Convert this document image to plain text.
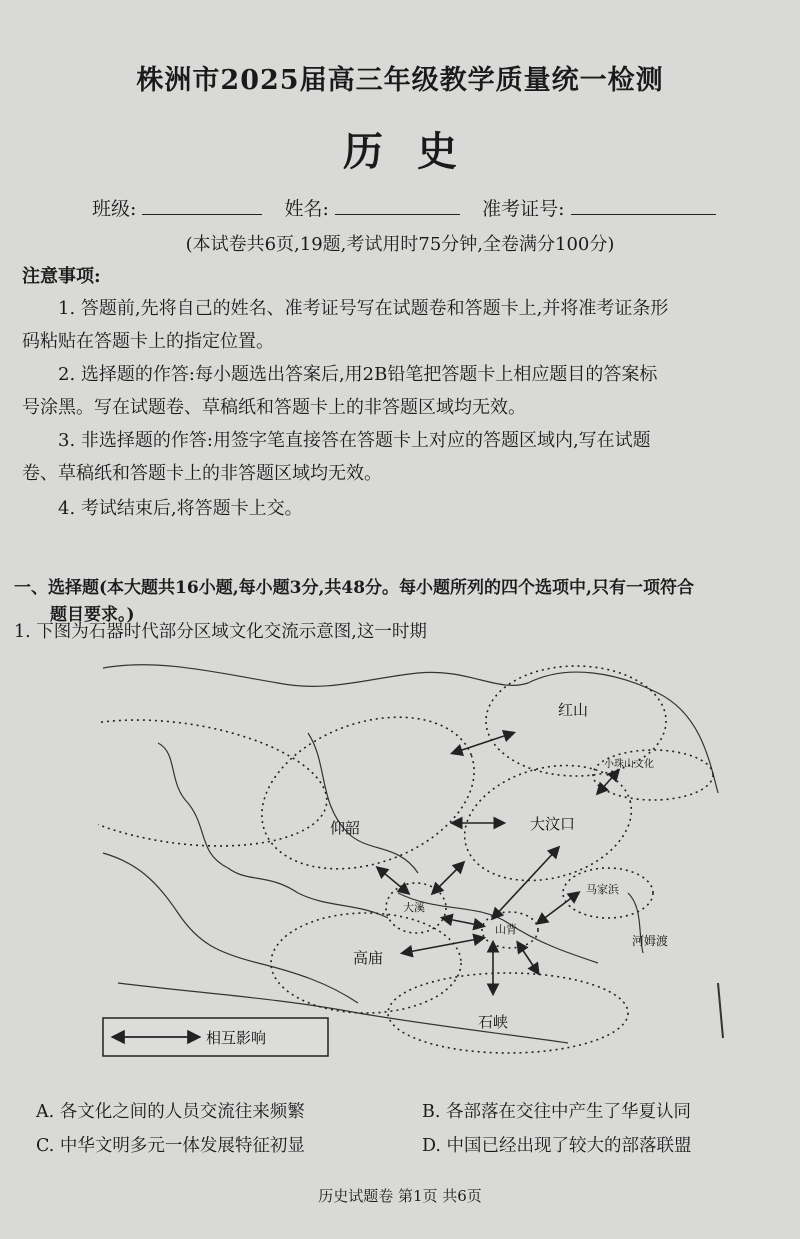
株洲市2025届高三年级教学质量统一检测
历史
班级:	姓名:	准考证号:
(本试卷共6页,19题,考试用时75分钟,全卷满分100分)
注意事项:
1. 答题前,先将自己的姓名、准考证号写在试题卷和答题卡上,并将准考证条形
码粘贴在答题卡上的指定位置。
2. 选择题的作答:每小题选出答案后,用2B铅笔把答题卡上相应题目的答案标
号涂黑。写在试题卷、草稿纸和答题卡上的非答题区域均无效。
3. 非选择题的作答:用签字笔直接答在答题卡上对应的答题区域内,写在试题
卷、草稿纸和答题卡上的非答题区域均无效。
4. 考试结束后,将答题卡上交。
一、选择题(本大题共16小题,每小题3分,共48分。每小题所列的四个选项中,只有一项符合
题目要求。)
1. 下图为石器时代部分区域文化交流示意图,这一时期
红山
小珠山文化
仰韶	大汶口
大溪
马家浜
河姆渡
山背
高庙
石峡
相互影响
A. 各文化之间的人员交流往来频繁	B. 各部落在交往中产生了华夏认同
C. 中华文明多元一体发展特征初显	D. 中国已经出现了较大的部落联盟
历史试题卷 第1页 共6页
